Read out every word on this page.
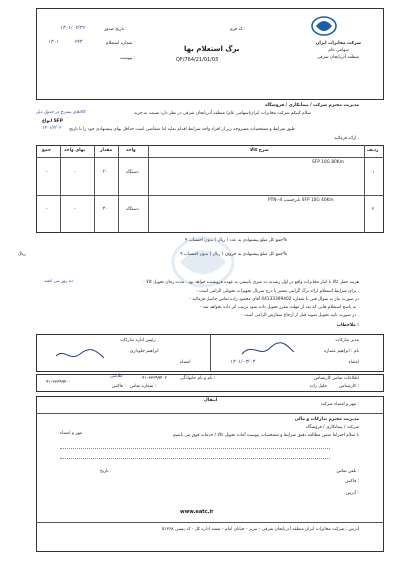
شرکت مخابرات ایران
سهامی عام
منطقه آذربایجان شرقی
کد فرم :
برگ استعلام بها
QF/764/21/01/03
تاریخ صدور :
۱۴۰۱/۰۲/۳۶
شماره استعلام :
۶۹۴
۱۴۰۱
پیوست :
مدیریت محترم شرکت / پیمانکاری / فروشگاه
سلام کنیکم شرکت مخابرات ایران(سهامی عام) منطقه آذربایجان شرقی در نظر دارد نسبت به خرید
کالاهای مندرج در جدول ذیل
انواع SFP
طبق شرایط و مشخصات مشروحه زیر از افراد واجد شرایط اقدام نماید لذا متقاضی است حداقل بهای پیشنهادی خود را تا تاریخ
۱۴۰۱/۳/۰۴
ارائه فرمائید .
ردیف
شرح کالا
واحد
مقدار
بهای واحد
جمع
۱
SFP 10G 80Km
دستگاه
۲۰
-
-
۲
PTN--4 بابرچسب SFP 10G 40Km
دستگاه
۴۰
-
-
جمع کل مبلغ پیشنهادی به عدد ( ریال ) بدون احتساب ۹%
جمع کل مبلغ پیشنهادی به حروف ( ریال ) بدون احتساب ۹%
ریال
- هزینه حمل کالا تا انبار مخابرات واقع در اول رشدیه ده متری یاسمن به عهده فروشنده خواهد بود . مدت زمان تحویل کالا
ده روز می باشد
- برای شرایط استعلام ارائه برگ گرانتی معتبر با درج سریال تجهیزات تحویلی الزامی است .
- در صورت نیاز به سوال فنی با شماره 04133399402 آقای محمود زاده تماس حاصل فرمائید
- به پاسخ استعلام هایی که بعد از مهلت مقرر تحویل داده شود ترتیب اثر داده نخواهد شد .
- در صورت تایید تحویل نمونه قبل از ارجاع سفارش الزامی است .
ملاحظات :
مدیر تدارکات
رئیس اداره تدارکات
نام : ابراهیم عصاره
ابراهیم جلوداری
امضاء
امضاء	۱۴۰۱/۰۳/۰۴
نام و نام خانوادگی :
شماره تماس :
۰۴۱-۳۳۳۹۹۴۰۲
فاکس :
۰۴۱-۳۳۳۹۹۴۰۰
غلامی	اطلاعات تماس کارشناس
کارشناس :
جلیل زاده
انتقال
مهر و امضاء شرکت :
مدیریت محترم تدارکات و مالی
شرکت / پیمانکاری / فروشگاه
با سلام احتراما ضمن مطالعه دقیق شرایط و مشخصات پیوست آماده تحویل کالا / خدمات فوق می باشیم
مهر و امضاء
تلفن تماس :
فاکس :
آدرس :
تاریخ :
www.eatc.ir
آدرس : شرکت مخابرات ایران منطقه آذربایجان شرقی - تبریز - خیابان امام - شعبه اداره کل - کد پستی ۵۱۳۶۸
